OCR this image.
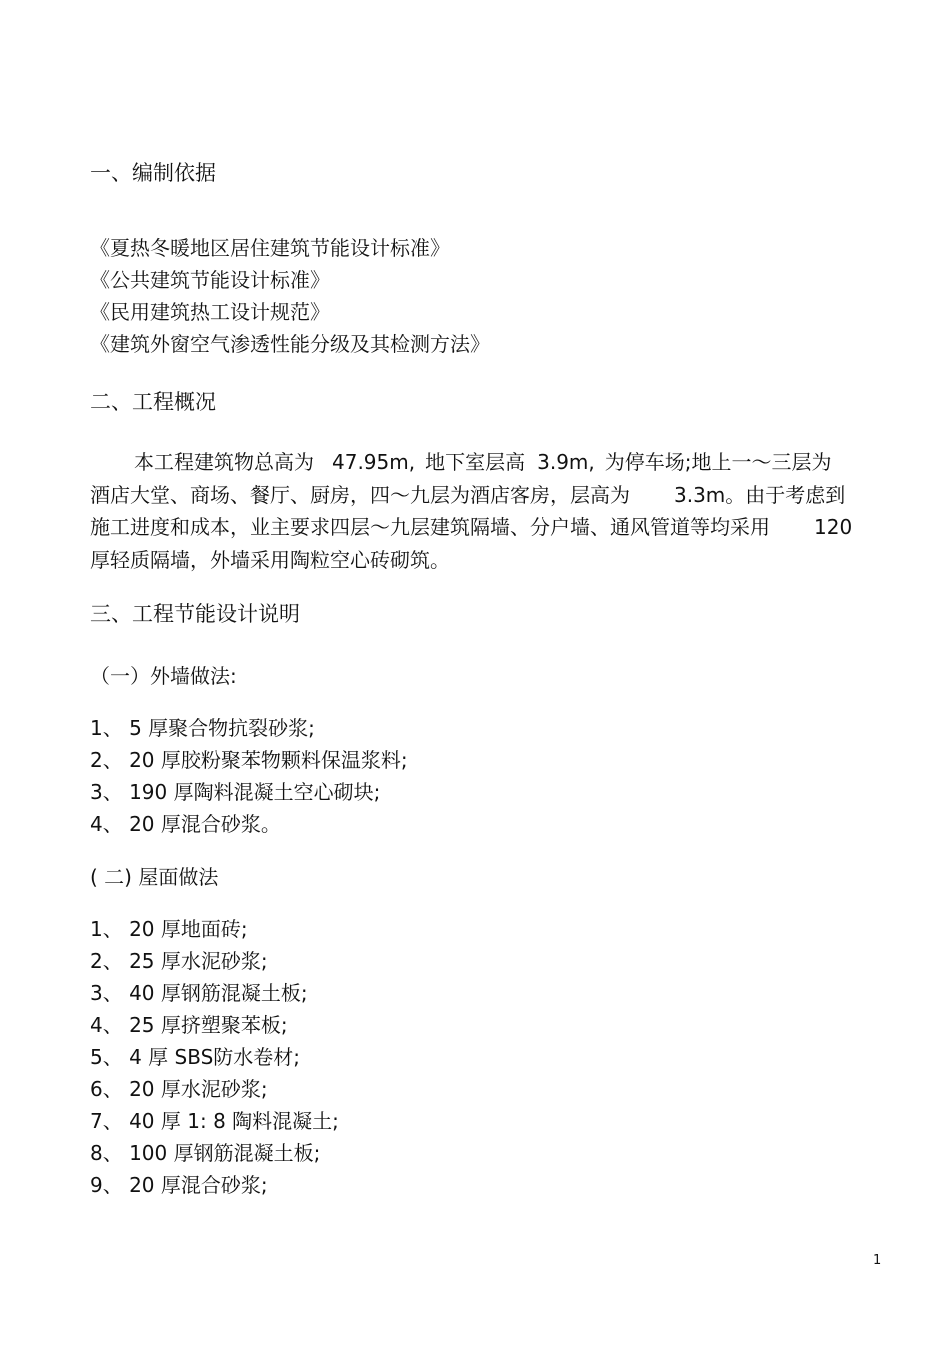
一、编制依据
《夏热冬暖地区居住建筑节能设计标准》
《公共建筑节能设计标准》
《民用建筑热工设计规范》
《建筑外窗空气渗透性能分级及其检测方法》
二、工程概况
本工程建筑物总高为 47.95m, 地下室层高 3.9m, 为停车场;地上一～三层为
酒店大堂、商场、餐厅、厨房，四～九层为酒店客房，层高为 3.3m。由于考虑到
施工进度和成本，业主要求四层～九层建筑隔墙、分户墙、通风管道等均采用 120
厚轻质隔墙，外墙采用陶粒空心砖砌筑。
三、工程节能设计说明
（一）外墙做法:
1、 5 厚聚合物抗裂砂浆;
2、 20 厚胶粉聚苯物颗料保温浆料;
3、 190 厚陶料混凝土空心砌块;
4、 20 厚混合砂浆。
( 二) 屋面做法
1、 20 厚地面砖;
2、 25 厚水泥砂浆;
3、 40 厚钢筋混凝土板;
4、 25 厚挤塑聚苯板;
5、 4 厚 SBS防水卷材;
6、 20 厚水泥砂浆;
7、 40 厚 1: 8 陶料混凝土;
8、 100 厚钢筋混凝土板;
9、 20 厚混合砂浆;
1
